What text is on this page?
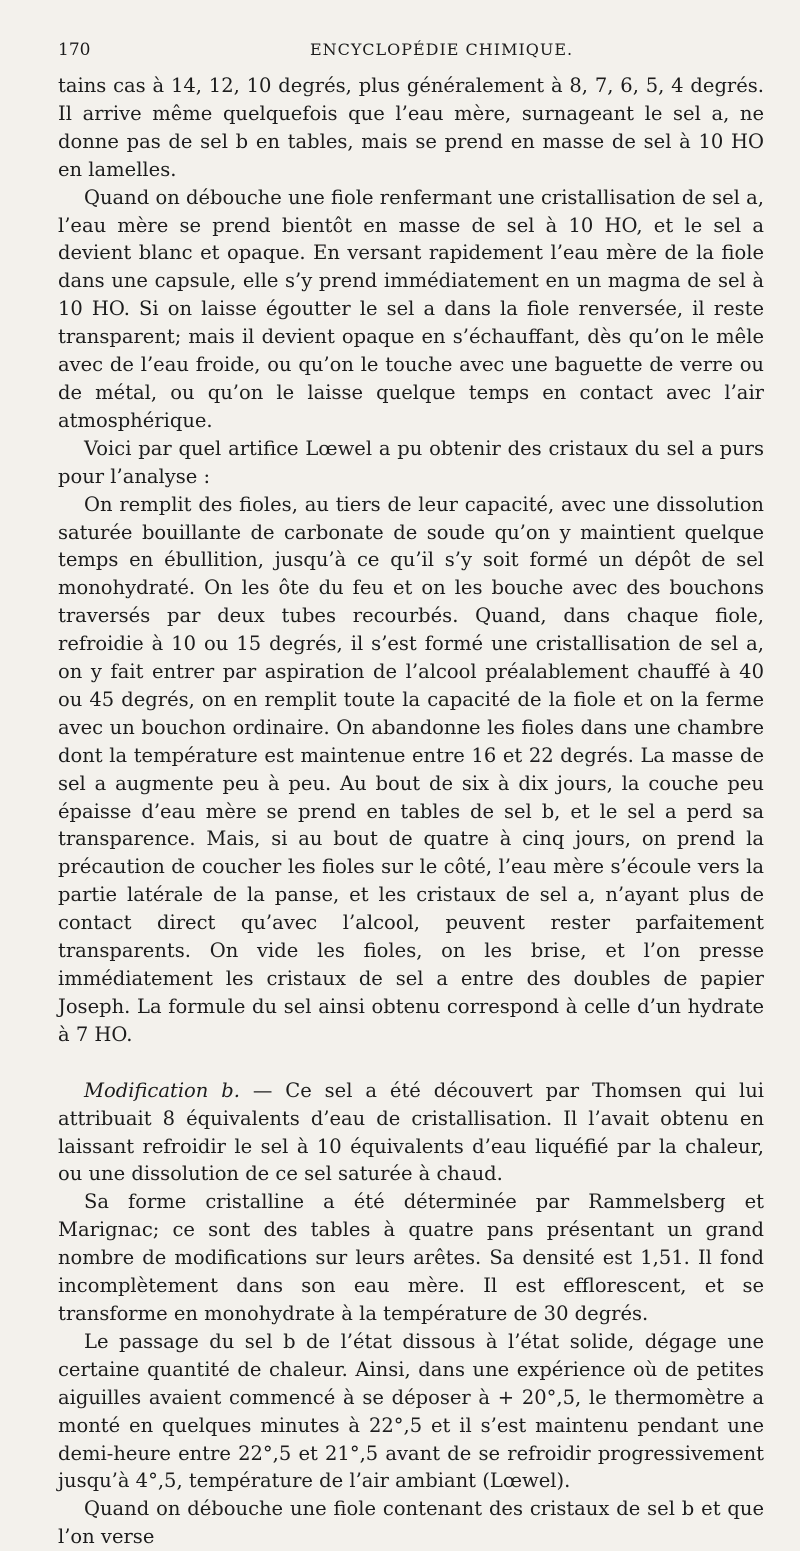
170	ENCYCLOPÉDIE CHIMIQUE.

tains cas à 14, 12, 10 degrés, plus généralement à 8, 7, 6, 5, 4 degrés. Il arrive même quelquefois que l’eau mère, surnageant le sel a, ne donne pas de sel b en tables, mais se prend en masse de sel à 10 HO en lamelles.

Quand on débouche une fiole renfermant une cristallisation de sel a, l’eau mère se prend bientôt en masse de sel à 10 HO, et le sel a devient blanc et opaque. En versant rapidement l’eau mère de la fiole dans une capsule, elle s’y prend immédiatement en un magma de sel à 10 HO. Si on laisse égoutter le sel a dans la fiole renversée, il reste transparent; mais il devient opaque en s’échauffant, dès qu’on le mêle avec de l’eau froide, ou qu’on le touche avec une baguette de verre ou de métal, ou qu’on le laisse quelque temps en contact avec l’air atmosphérique.

Voici par quel artifice Lœwel a pu obtenir des cristaux du sel a purs pour l’analyse :

On remplit des fioles, au tiers de leur capacité, avec une dissolution saturée bouillante de carbonate de soude qu’on y maintient quelque temps en ébullition, jusqu’à ce qu’il s’y soit formé un dépôt de sel monohydraté. On les ôte du feu et on les bouche avec des bouchons traversés par deux tubes recourbés. Quand, dans chaque fiole, refroidie à 10 ou 15 degrés, il s’est formé une cristallisation de sel a, on y fait entrer par aspiration de l’alcool préalablement chauffé à 40 ou 45 degrés, on en remplit toute la capacité de la fiole et on la ferme avec un bouchon ordinaire. On abandonne les fioles dans une chambre dont la température est maintenue entre 16 et 22 degrés. La masse de sel a augmente peu à peu. Au bout de six à dix jours, la couche peu épaisse d’eau mère se prend en tables de sel b, et le sel a perd sa transparence. Mais, si au bout de quatre à cinq jours, on prend la précaution de coucher les fioles sur le côté, l’eau mère s’écoule vers la partie latérale de la panse, et les cristaux de sel a, n’ayant plus de contact direct qu’avec l’alcool, peuvent rester parfaitement transparents. On vide les fioles, on les brise, et l’on presse immédiatement les cristaux de sel a entre des doubles de papier Joseph. La formule du sel ainsi obtenu correspond à celle d’un hydrate à 7 HO.

Modification b. — Ce sel a été découvert par Thomsen qui lui attribuait 8 équivalents d’eau de cristallisation. Il l’avait obtenu en laissant refroidir le sel à 10 équivalents d’eau liquéfié par la chaleur, ou une dissolution de ce sel saturée à chaud.

Sa forme cristalline a été déterminée par Rammelsberg et Marignac; ce sont des tables à quatre pans présentant un grand nombre de modifications sur leurs arêtes. Sa densité est 1,51. Il fond incomplètement dans son eau mère. Il est efflorescent, et se transforme en monohydrate à la température de 30 degrés.

Le passage du sel b de l’état dissous à l’état solide, dégage une certaine quantité de chaleur. Ainsi, dans une expérience où de petites aiguilles avaient commencé à se déposer à + 20°,5, le thermomètre a monté en quelques minutes à 22°,5 et il s’est maintenu pendant une demi-heure entre 22°,5 et 21°,5 avant de se refroidir progressivement jusqu’à 4°,5, température de l’air ambiant (Lœwel).

Quand on débouche une fiole contenant des cristaux de sel b et que l’on verse
